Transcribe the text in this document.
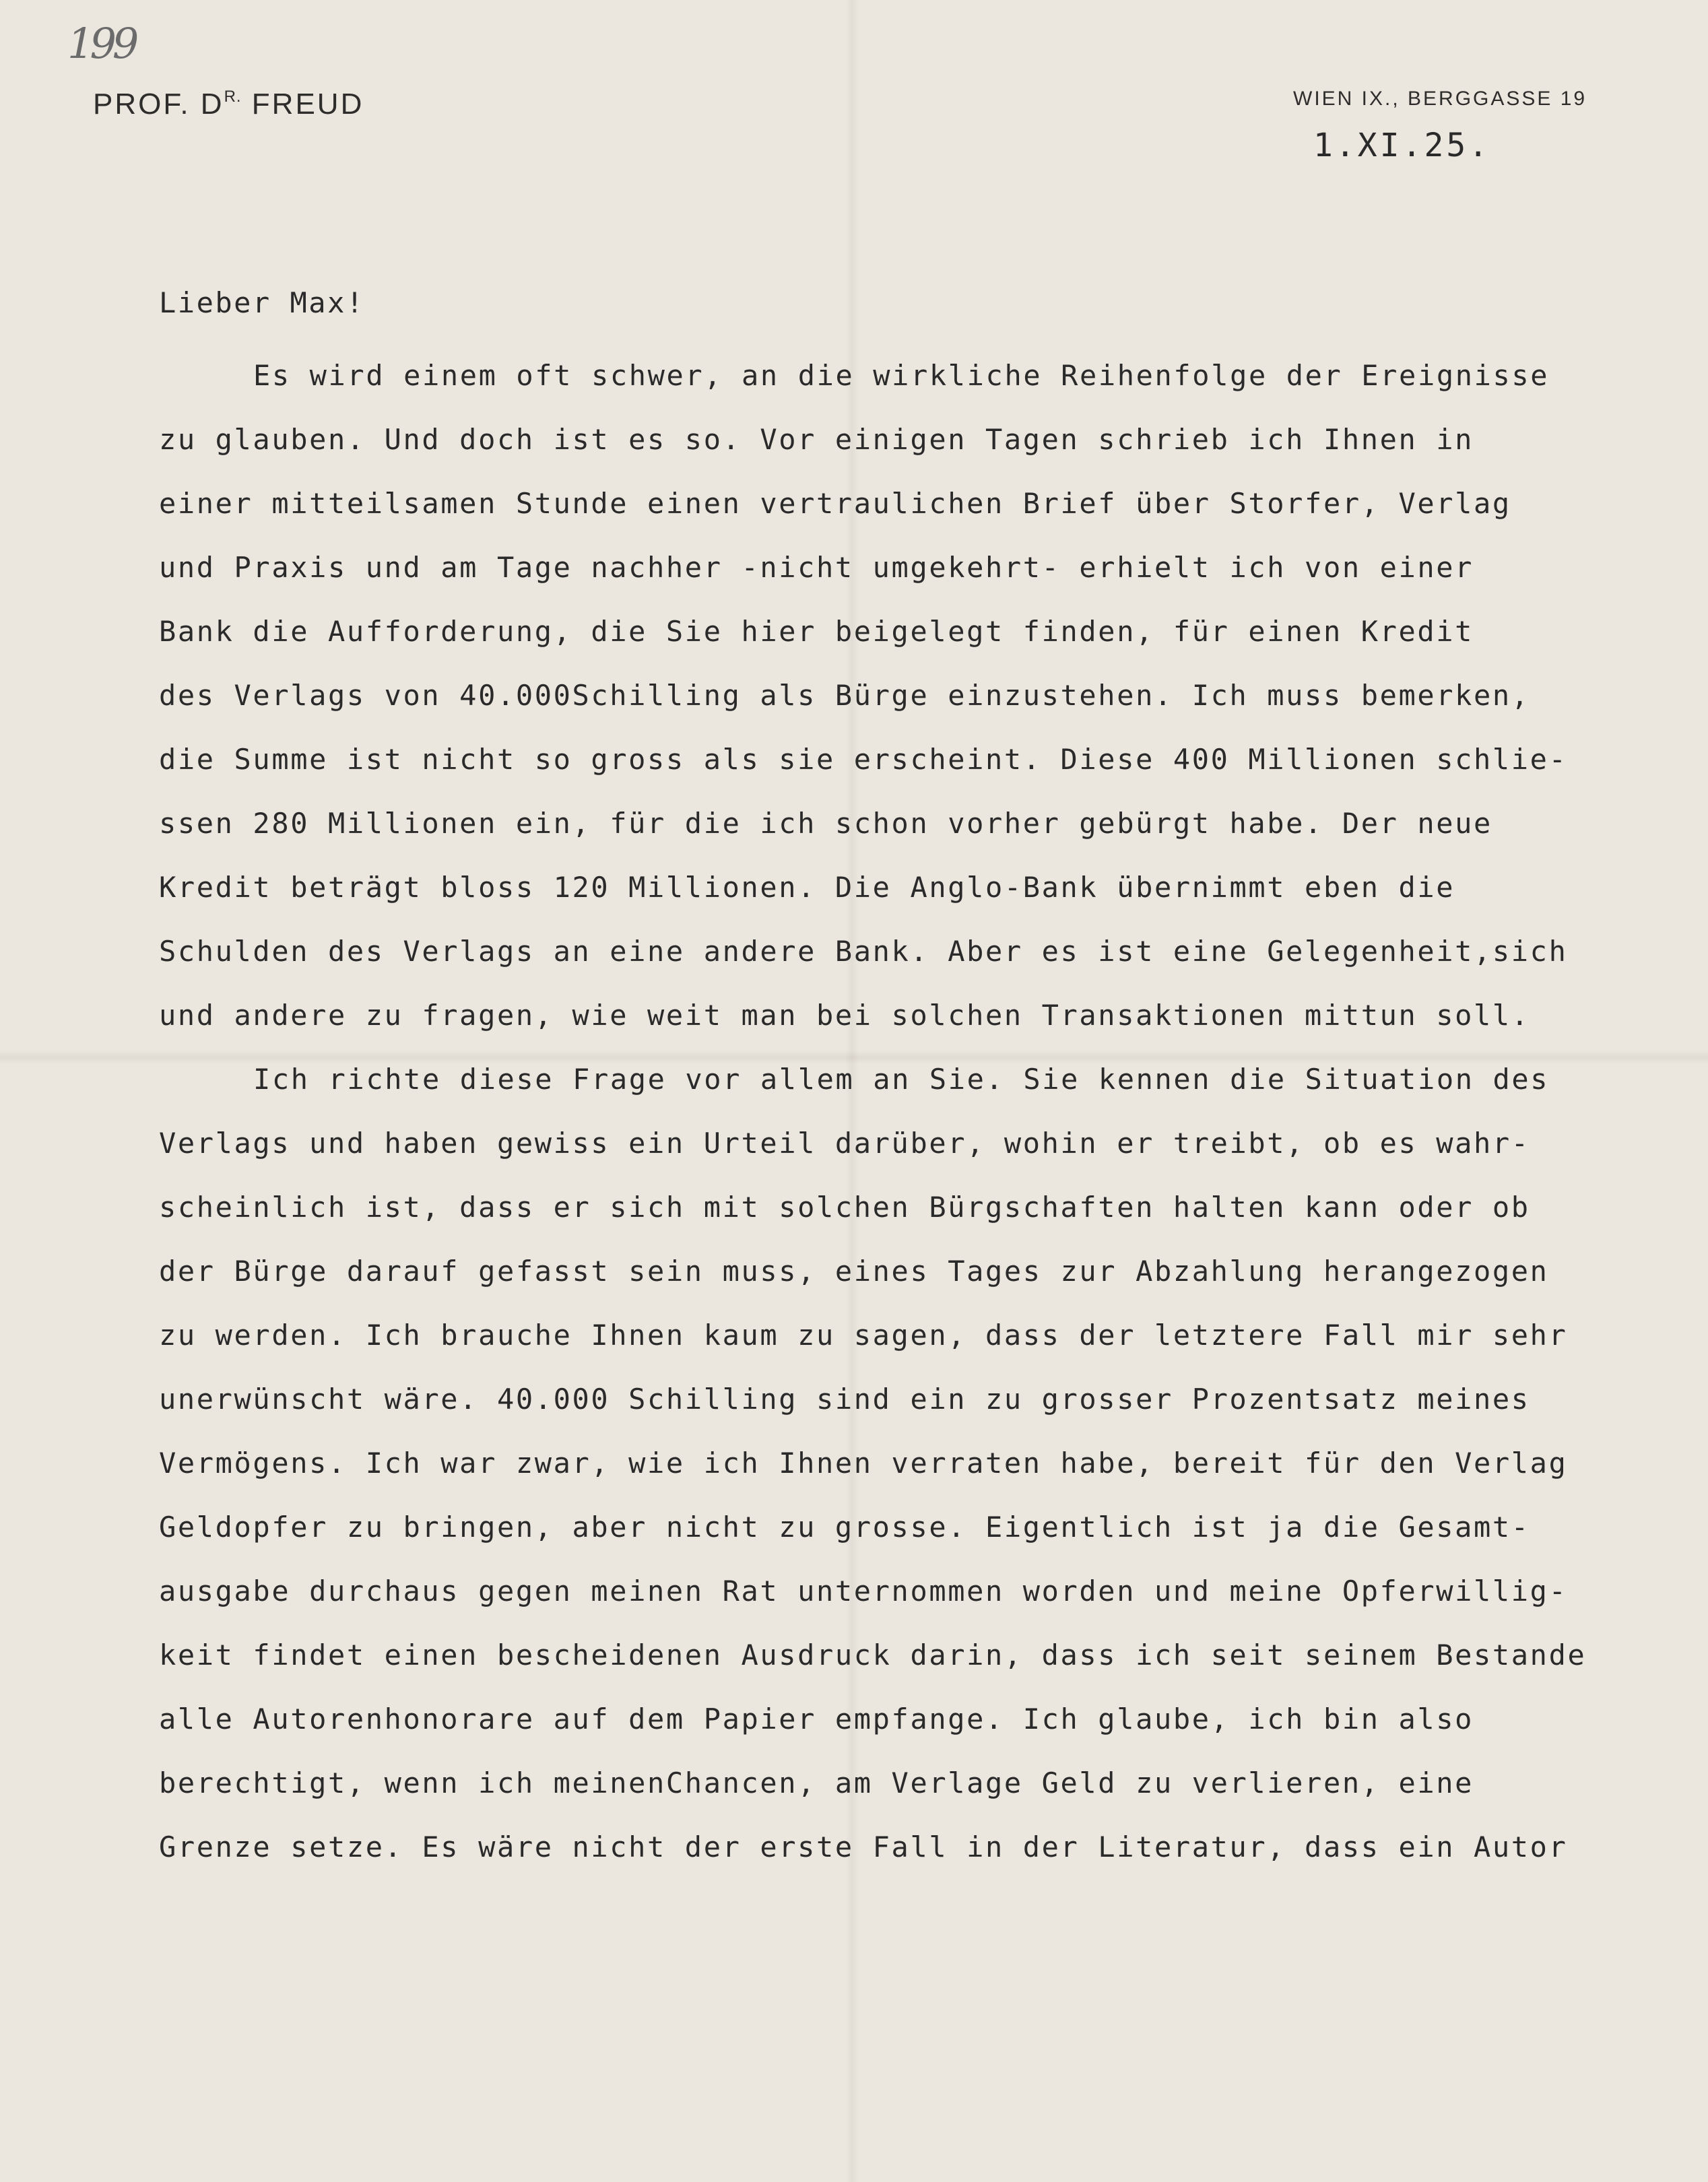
199
PROF. $D^{R.}$ FREUD	WIEN IX., BERGGASSE 19
1.XI.25.
Lieber Max!
Es wird einem oft schwer, an die wirkliche Reihenfolge der Ereignisse
zu glauben. Und doch ist es so. Vor einigen Tagen schrieb ich Ihnen in
einer mitteilsamen Stunde einen vertraulichen Brief über Storfer, Verlag
und Praxis und am Tage nachher -nicht umgekehrt- erhielt ich von einer
Bank die Aufforderung, die Sie hier beigelegt finden, für einen Kredit
des Verlags von 40.000Schilling als Bürge einzustehen. Ich muss bemerken,
die Summe ist nicht so gross als sie erscheint. Diese 400 Millionen schlie-
ssen 280 Millionen ein, für die ich schon vorher gebürgt habe. Der neue
Kredit beträgt bloss 120 Millionen. Die Anglo-Bank übernimmt eben die
Schulden des Verlags an eine andere Bank. Aber es ist eine Gelegenheit,sich
und andere zu fragen, wie weit man bei solchen Transaktionen mittun soll.
Ich richte diese Frage vor allem an Sie. Sie kennen die Situation des
Verlags und haben gewiss ein Urteil darüber, wohin er treibt, ob es wahr-
scheinlich ist, dass er sich mit solchen Bürgschaften halten kann oder ob
der Bürge darauf gefasst sein muss, eines Tages zur Abzahlung herangezogen
zu werden. Ich brauche Ihnen kaum zu sagen, dass der letztere Fall mir sehr
unerwünscht wäre. 40.000 Schilling sind ein zu grosser Prozentsatz meines
Vermögens. Ich war zwar, wie ich Ihnen verraten habe, bereit für den Verlag
Geldopfer zu bringen, aber nicht zu grosse. Eigentlich ist ja die Gesamt-
ausgabe durchaus gegen meinen Rat unternommen worden und meine Opferwillig-
keit findet einen bescheidenen Ausdruck darin, dass ich seit seinem Bestande
alle Autorenhonorare auf dem Papier empfange. Ich glaube, ich bin also
berechtigt, wenn ich meinenChancen, am Verlage Geld zu verlieren, eine
Grenze setze. Es wäre nicht der erste Fall in der Literatur, dass ein Autor
